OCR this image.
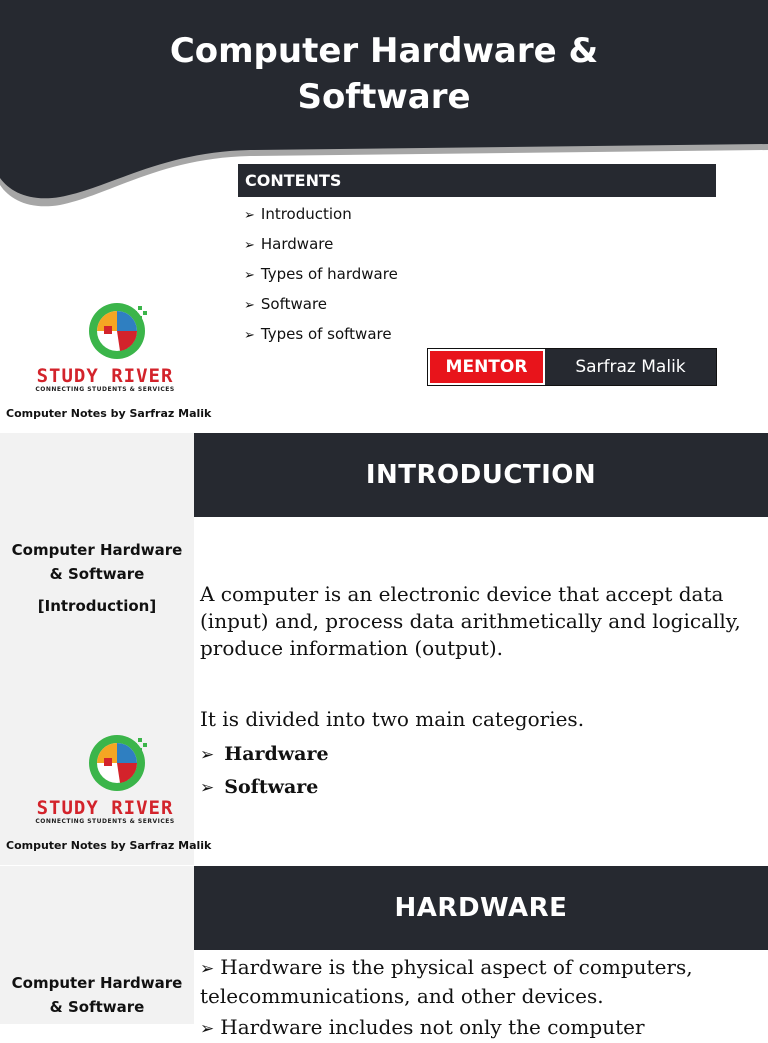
Computer Hardware &
Software
CONTENTS
➢ Introduction
➢ Hardware
➢ Types of hardware
➢ Software
➢ Types of software
MENTOR	Sarfraz Malik
STUDY RIVER
CONNECTING STUDENTS & SERVICES
Computer Notes by Sarfraz Malik
INTRODUCTION
Computer Hardware
& Software
[Introduction]	A computer is an electronic device that accept data (input) and, process data arithmetically and logically, produce information (output).
It is divided into two main categories.
➢ Hardware
➢ Software
STUDY RIVER
CONNECTING STUDENTS & SERVICES
Computer Notes by Sarfraz Malik
HARDWARE
Computer Hardware
& Software
➢ Hardware is the physical aspect of computers, telecommunications, and other devices.
➢ Hardware includes not only the computer
